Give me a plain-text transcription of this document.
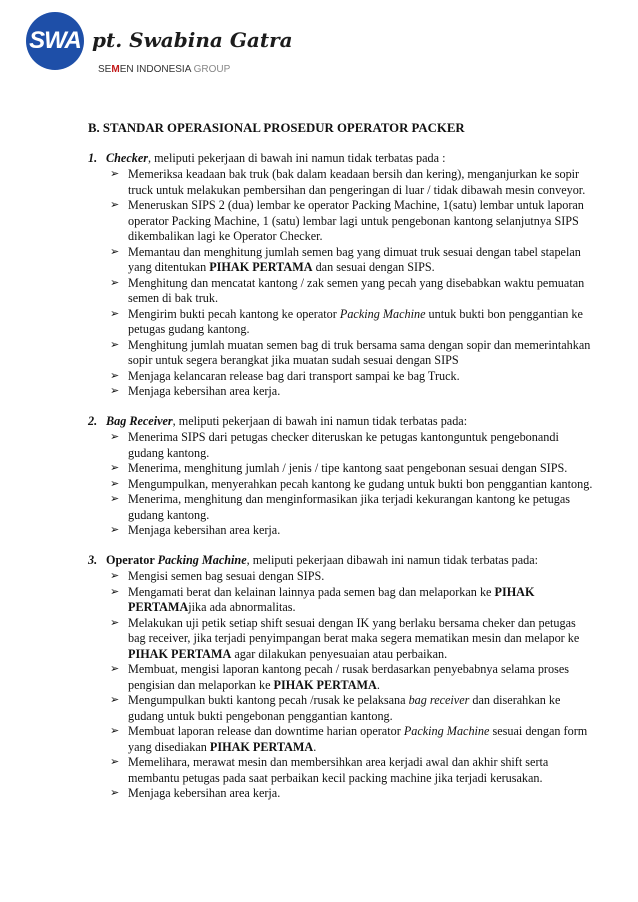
SWA pt. Swabina Gatra
SEMEN INDONESIA GROUP
B. STANDAR OPERASIONAL PROSEDUR OPERATOR PACKER
1. Checker, meliputi pekerjaan di bawah ini namun tidak terbatas pada :
➢ Memeriksa keadaan bak truk (bak dalam keadaan bersih dan kering), menganjurkan ke sopir truck untuk melakukan pembersihan dan pengeringan di luar / tidak dibawah mesin conveyor.
➢ Meneruskan SIPS 2 (dua) lembar ke operator Packing Machine, 1(satu) lembar untuk laporan operator Packing Machine, 1 (satu) lembar lagi untuk pengebonan kantong selanjutnya SIPS dikembalikan lagi ke Operator Checker.
➢ Memantau dan menghitung jumlah semen bag yang dimuat truk sesuai dengan tabel stapelan yang ditentukan PIHAK PERTAMA dan sesuai dengan SIPS.
➢ Menghitung dan mencatat kantong / zak semen yang pecah yang disebabkan waktu pemuatan semen di bak truk.
➢ Mengirim bukti pecah kantong ke operator Packing Machine untuk bukti bon penggantian ke petugas gudang kantong.
➢ Menghitung jumlah muatan semen bag di truk bersama sama dengan sopir dan memerintahkan sopir untuk segera berangkat jika muatan sudah sesuai dengan SIPS
➢ Menjaga kelancaran release bag dari transport sampai ke bag Truck.
➢ Menjaga kebersihan area kerja.
2. Bag Receiver, meliputi pekerjaan di bawah ini namun tidak terbatas pada:
➢ Menerima SIPS dari petugas checker diteruskan ke petugas kantonguntuk pengebonandi gudang kantong.
➢ Menerima, menghitung jumlah / jenis / tipe kantong saat pengebonan sesuai dengan SIPS.
➢ Mengumpulkan, menyerahkan pecah kantong ke gudang untuk bukti bon penggantian kantong.
➢ Menerima, menghitung dan menginformasikan jika terjadi kekurangan kantong ke petugas gudang kantong.
➢ Menjaga kebersihan area kerja.
3. Operator Packing Machine, meliputi pekerjaan dibawah ini namun tidak terbatas pada:
➢ Mengisi semen bag sesuai dengan SIPS.
➢ Mengamati berat dan kelainan lainnya pada semen bag dan melaporkan ke PIHAK PERTAMAjika ada abnormalitas.
➢ Melakukan uji petik setiap shift sesuai dengan IK yang berlaku bersama cheker dan petugas bag receiver, jika terjadi penyimpangan berat maka segera mematikan mesin dan melapor ke PIHAK PERTAMA agar dilakukan penyesuaian atau perbaikan.
➢ Membuat, mengisi laporan kantong pecah / rusak berdasarkan penyebabnya selama proses pengisian dan melaporkan ke PIHAK PERTAMA.
➢ Mengumpulkan bukti kantong pecah /rusak ke pelaksana bag receiver dan diserahkan ke gudang untuk bukti pengebonan penggantian kantong.
➢ Membuat laporan release dan downtime harian operator Packing Machine sesuai dengan form yang disediakan PIHAK PERTAMA.
➢ Memelihara, merawat mesin dan membersihkan area kerjadi awal dan akhir shift serta membantu petugas pada saat perbaikan kecil packing machine jika terjadi kerusakan.
➢ Menjaga kebersihan area kerja.
